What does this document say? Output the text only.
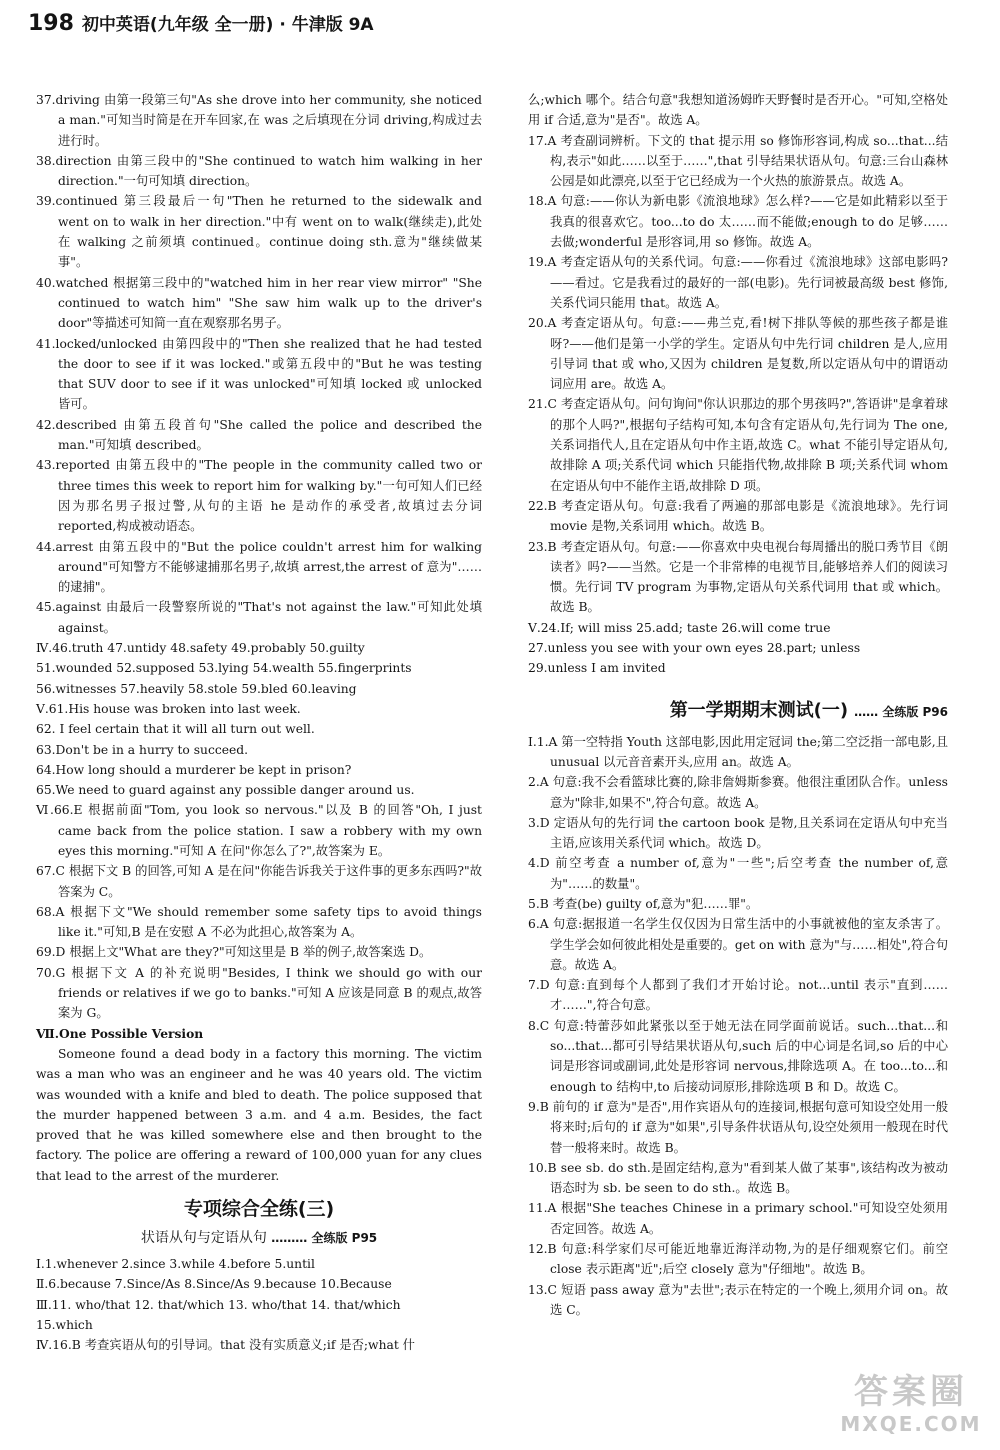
198 初中英语(九年级 全一册) · 牛津版 9A

37.driving 由第一段第三句"As she drove into her community, she noticed a man."可知当时简是在开车回家,在 was 之后填现在分词 driving,构成过去进行时。

38.direction 由第三段中的"She continued to watch him walking in her direction."一句可知填 direction。

39.continued 第三段最后一句"Then he returned to the sidewalk and went on to walk in her direction."中有 went on to walk(继续走),此处在 walking 之前须填 continued。continue doing sth.意为"继续做某事"。

40.watched 根据第三段中的"watched him in her rear view mirror" "She continued to watch him" "She saw him walk up to the driver's door"等描述可知简一直在观察那名男子。

41.locked/unlocked 由第四段中的"Then she realized that he had tested the door to see if it was locked."或第五段中的"But he was testing that SUV door to see if it was unlocked"可知填 locked 或 unlocked 皆可。

42.described 由第五段首句"She called the police and described the man."可知填 described。

43.reported 由第五段中的"The people in the community called two or three times this week to report him for walking by."一句可知人们已经因为那名男子报过警,从句的主语 he 是动作的承受者,故填过去分词 reported,构成被动语态。

44.arrest 由第五段中的"But the police couldn't arrest him for walking around"可知警方不能够逮捕那名男子,故填 arrest,the arrest of 意为"……的逮捕"。

45.against 由最后一段警察所说的"That's not against the law."可知此处填 against。

Ⅳ.46.truth 47.untidy 48.safety 49.probably 50.guilty

51.wounded 52.supposed 53.lying 54.wealth 55.fingerprints

56.witnesses 57.heavily 58.stole 59.bled 60.leaving

Ⅴ.61.His house was broken into last week.

62. I feel certain that it will all turn out well.

63.Don't be in a hurry to succeed.

64.How long should a murderer be kept in prison?

65.We need to guard against any possible danger around us.

Ⅵ.66.E 根据前面"Tom, you look so nervous."以及 B 的回答"Oh, I just came back from the police station. I saw a robbery with my own eyes this morning."可知 A 在问"你怎么了?",故答案为 E。

67.C 根据下文 B 的回答,可知 A 是在问"你能告诉我关于这件事的更多东西吗?"故答案为 C。

68.A 根据下文"We should remember some safety tips to avoid things like it."可知,B 是在安慰 A 不必为此担心,故答案为 A。

69.D 根据上文"What are they?"可知这里是 B 举的例子,故答案选 D。

70.G 根据下文 A 的补充说明"Besides, I think we should go with our friends or relatives if we go to banks."可知 A 应该是同意 B 的观点,故答案为 G。

Ⅶ.One Possible Version

Someone found a dead body in a factory this morning. The victim was a man who was an engineer and he was 40 years old. The victim was wounded with a knife and bled to death. The police supposed that the murder happened between 3 a.m. and 4 a.m. Besides, the fact proved that he was killed somewhere else and then brought to the factory. The police are offering a reward of 100,000 yuan for any clues that lead to the arrest of the murderer.

专项综合全练(三)
状语从句与定语从句 ……… 全练版 P95

Ⅰ.1.whenever 2.since 3.while 4.before 5.until

Ⅱ.6.because 7.Since/As 8.Since/As 9.because 10.Because

Ⅲ.11. who/that 12. that/which 13. who/that 14. that/which

15.which

Ⅳ.16.B 考查宾语从句的引导词。that 没有实质意义;if 是否;what 什

么;which 哪个。结合句意"我想知道汤姆昨天野餐时是否开心。"可知,空格处用 if 合适,意为"是否"。故选 A。

17.A 考查副词辨析。下文的 that 提示用 so 修饰形容词,构成 so...that...结构,表示"如此……以至于……",that 引导结果状语从句。句意:三台山森林公园是如此漂亮,以至于它已经成为一个火热的旅游景点。故选 A。

18.A 句意:——你认为新电影《流浪地球》怎么样?——它是如此精彩以至于我真的很喜欢它。too...to do 太……而不能做;enough to do 足够……去做;wonderful 是形容词,用 so 修饰。故选 A。

19.A 考查定语从句的关系代词。句意:——你看过《流浪地球》这部电影吗?——看过。它是我看过的最好的一部(电影)。先行词被最高级 best 修饰,关系代词只能用 that。故选 A。

20.A 考查定语从句。句意:——弗兰克,看!树下排队等候的那些孩子都是谁呀?——他们是第一小学的学生。定语从句中先行词 children 是人,应用引导词 that 或 who,又因为 children 是复数,所以定语从句中的谓语动词应用 are。故选 A。

21.C 考查定语从句。问句询问"你认识那边的那个男孩吗?",答语讲"是拿着球的那个人吗?",根据句子结构可知,本句含有定语从句,先行词为 The one,关系词指代人,且在定语从句中作主语,故选 C。what 不能引导定语从句,故排除 A 项;关系代词 which 只能指代物,故排除 B 项;关系代词 whom 在定语从句中不能作主语,故排除 D 项。

22.B 考查定语从句。句意:我看了两遍的那部电影是《流浪地球》。先行词 movie 是物,关系词用 which。故选 B。

23.B 考查定语从句。句意:——你喜欢中央电视台每周播出的脱口秀节目《朗读者》吗?——当然。它是一个非常棒的电视节目,能够培养人们的阅读习惯。先行词 TV program 为事物,定语从句关系代词用 that 或 which。故选 B。

Ⅴ.24.If; will miss 25.add; taste 26.will come true

27.unless you see with your own eyes 28.part; unless

29.unless I am invited

第一学期期末测试(一) …… 全练版 P96

Ⅰ.1.A 第一空特指 Youth 这部电影,因此用定冠词 the;第二空泛指一部电影,且 unusual 以元音音素开头,应用 an。故选 A。

2.A 句意:我不会看篮球比赛的,除非詹姆斯参赛。他很注重团队合作。unless 意为"除非,如果不",符合句意。故选 A。

3.D 定语从句的先行词 the cartoon book 是物,且关系词在定语从句中充当主语,应该用关系代词 which。故选 D。

4.D 前空考查 a number of,意为"一些";后空考查 the number of,意为"……的数量"。

5.B 考查(be) guilty of,意为"犯……罪"。

6.A 句意:据报道一名学生仅仅因为日常生活中的小事就被他的室友杀害了。学生学会如何彼此相处是重要的。get on with 意为"与……相处",符合句意。故选 A。

7.D 句意:直到每个人都到了我们才开始讨论。not...until 表示"直到……才……",符合句意。

8.C 句意:特蕾莎如此紧张以至于她无法在同学面前说话。such...that...和 so...that...都可引导结果状语从句,such 后的中心词是名词,so 后的中心词是形容词或副词,此处是形容词 nervous,排除选项 A。在 too...to...和 enough to 结构中,to 后接动词原形,排除选项 B 和 D。故选 C。

9.B 前句的 if 意为"是否",用作宾语从句的连接词,根据句意可知设空处用一般将来时;后句的 if 意为"如果",引导条件状语从句,设空处须用一般现在时代替一般将来时。故选 B。

10.B see sb. do sth.是固定结构,意为"看到某人做了某事",该结构改为被动语态时为 sb. be seen to do sth.。故选 B。

11.A 根据"She teaches Chinese in a primary school."可知设空处须用否定回答。故选 A。

12.B 句意:科学家们尽可能近地靠近海洋动物,为的是仔细观察它们。前空 close 表示距离"近";后空 closely 意为"仔细地"。故选 B。

13.C 短语 pass away 意为"去世";表示在特定的一个晚上,须用介词 on。故选 C。

答案圈
MXQE.COM
